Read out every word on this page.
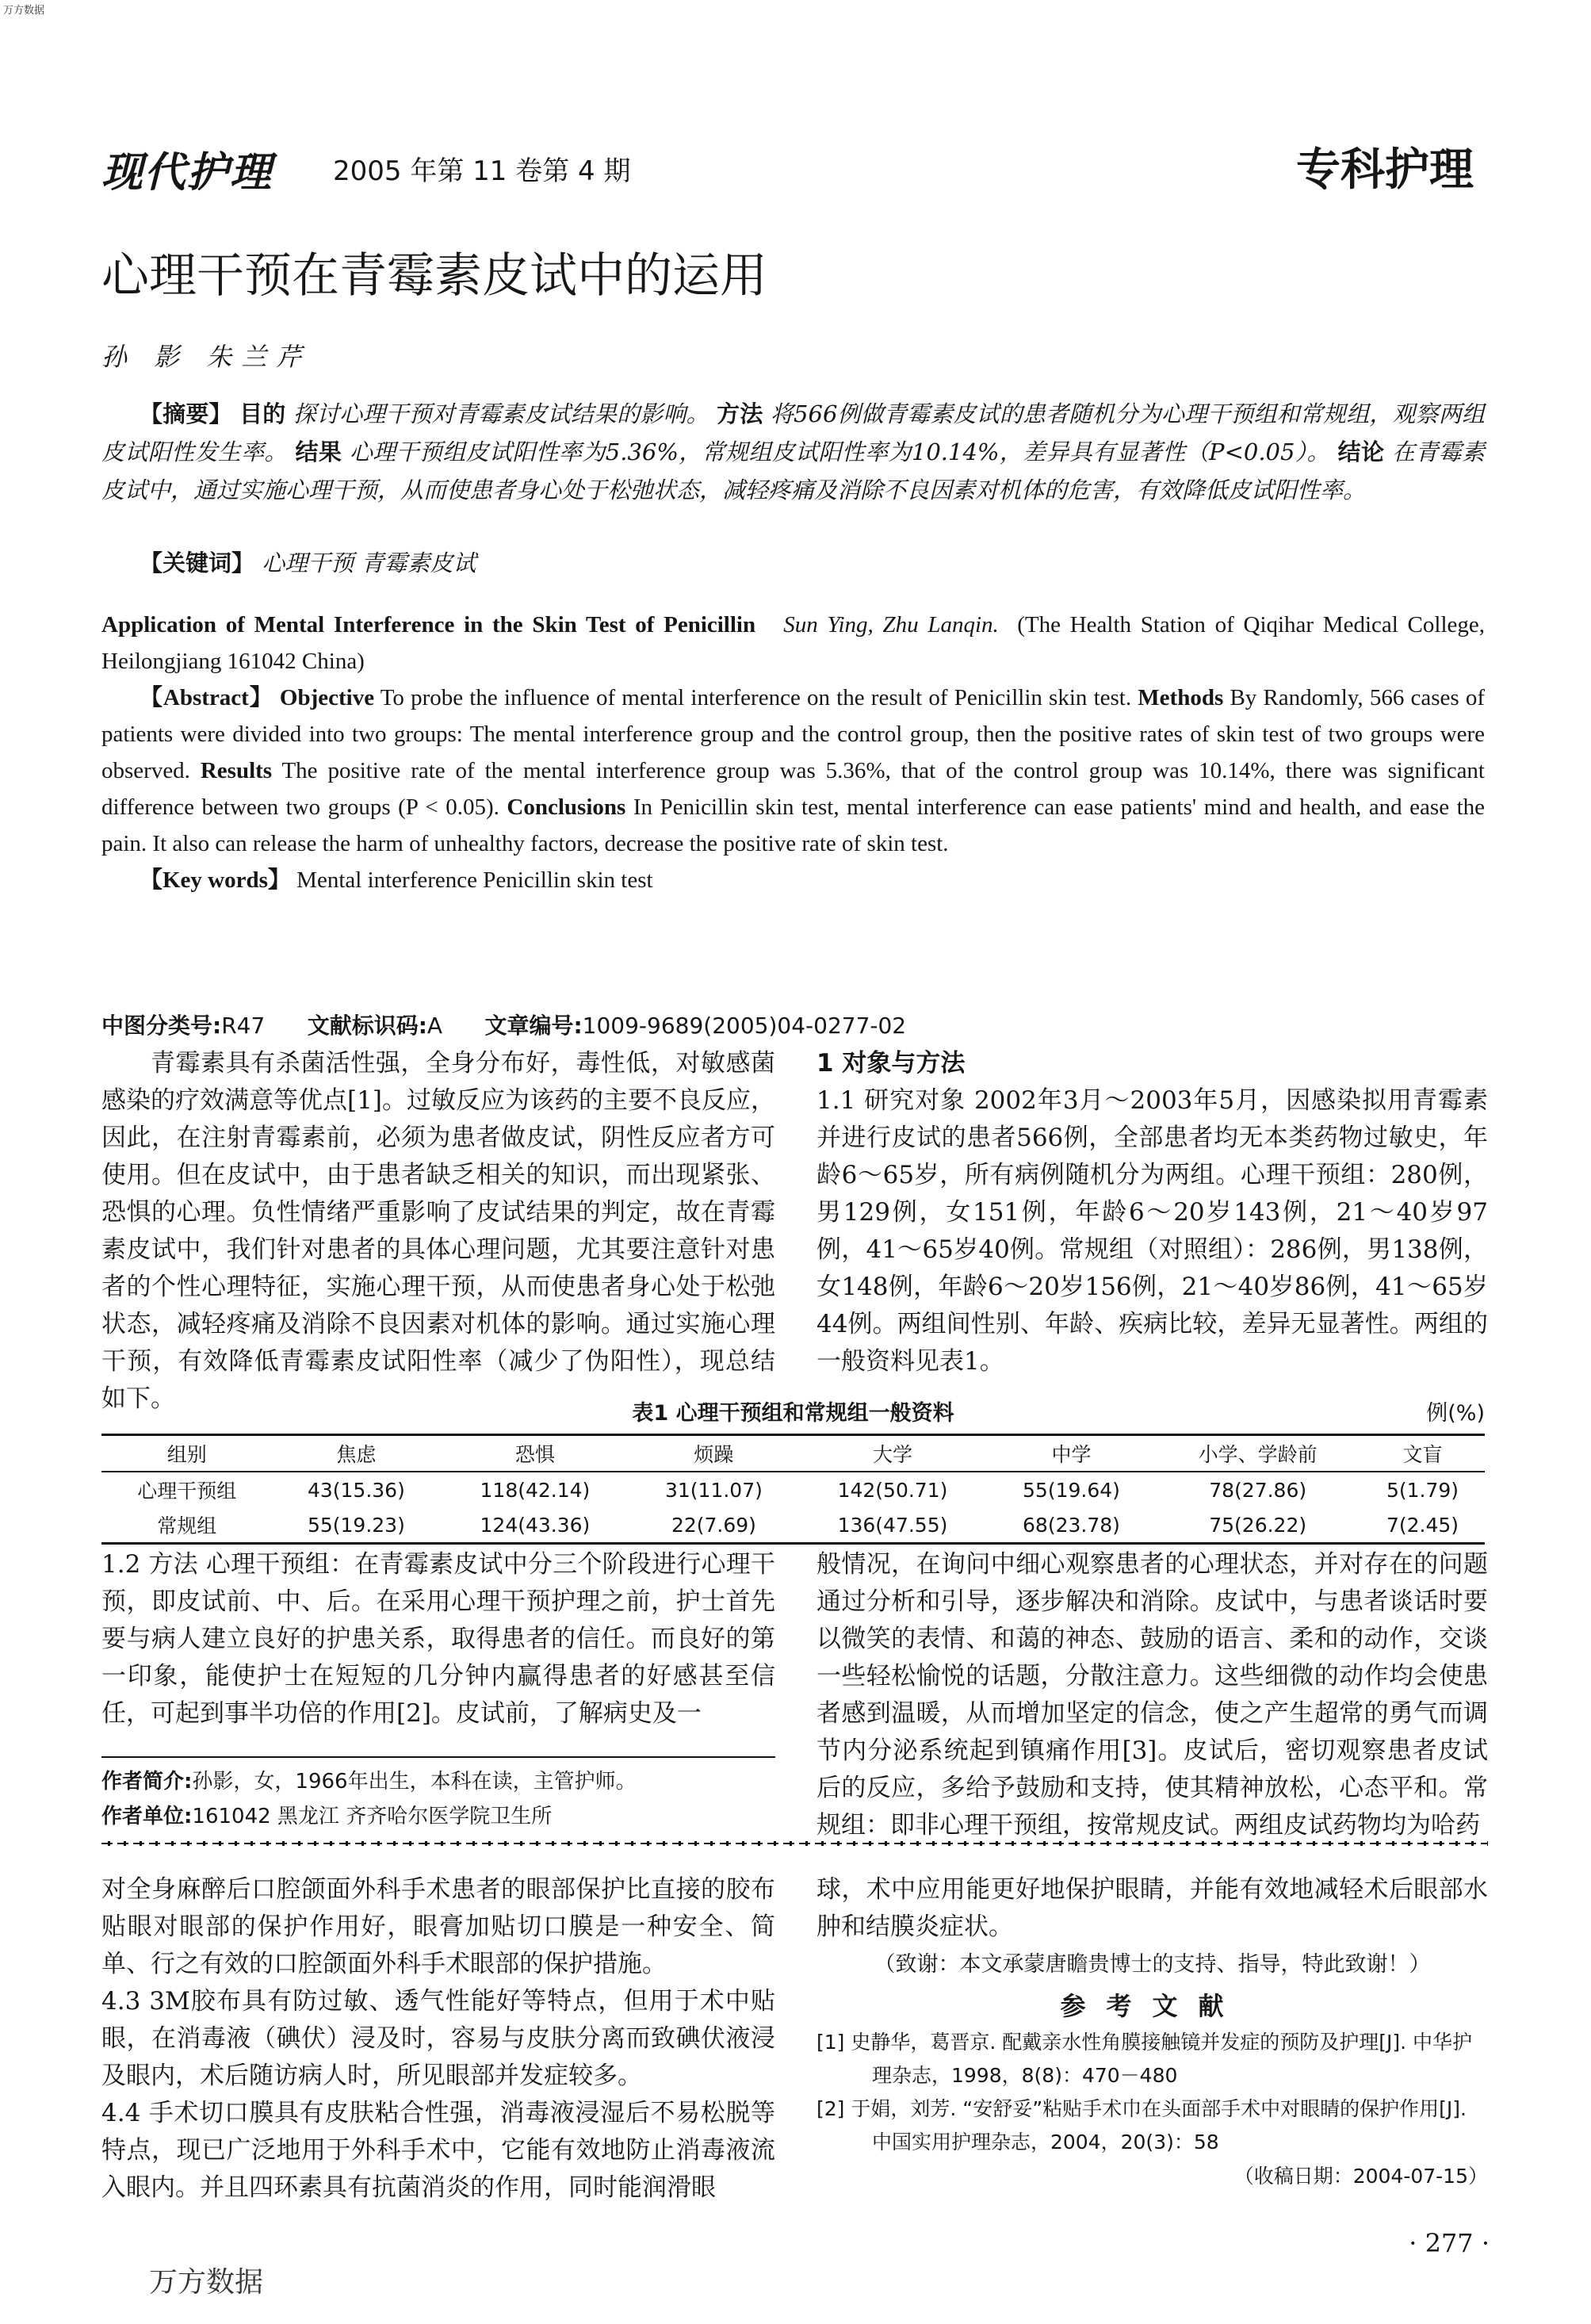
万方数据
现代护理 2005 年第 11 卷第 4 期	专科护理
心理干预在青霉素皮试中的运用
孙 影 朱兰芹
【摘要】 目的 探讨心理干预对青霉素皮试结果的影响。 方法 将566例做青霉素皮试的患者随机分为心理干预组和常规组，观察两组皮试阳性发生率。 结果 心理干预组皮试阳性率为5.36%，常规组皮试阳性率为10.14%，差异具有显著性（P<0.05）。 结论 在青霉素皮试中，通过实施心理干预，从而使患者身心处于松弛状态，减轻疼痛及消除不良因素对机体的危害，有效降低皮试阳性率。
【关键词】 心理干预 青霉素皮试
Application of Mental Interference in the Skin Test of Penicillin Sun Ying, Zhu Lanqin. (The Health Station of Qiqihar Medical College, Heilongjiang 161042 China)
【Abstract】 Objective To probe the influence of mental interference on the result of Penicillin skin test. Methods By Randomly, 566 cases of patients were divided into two groups: The mental interference group and the control group, then the positive rates of skin test of two groups were observed. Results The positive rate of the mental interference group was 5.36%, that of the control group was 10.14%, there was significant difference between two groups (P < 0.05). Conclusions In Penicillin skin test, mental interference can ease patients' mind and health, and ease the pain. It also can release the harm of unhealthy factors, decrease the positive rate of skin test.
【Key words】 Mental interference Penicillin skin test
中图分类号:R47 文献标识码:A 文章编号:1009-9689(2005)04-0277-02
青霉素具有杀菌活性强，全身分布好，毒性低，对敏感菌感染的疗效满意等优点[1]。过敏反应为该药的主要不良反应，因此，在注射青霉素前，必须为患者做皮试，阴性反应者方可使用。但在皮试中，由于患者缺乏相关的知识，而出现紧张、恐惧的心理。负性情绪严重影响了皮试结果的判定，故在青霉素皮试中，我们针对患者的具体心理问题，尤其要注意针对患者的个性心理特征，实施心理干预，从而使患者身心处于松弛状态，减轻疼痛及消除不良因素对机体的影响。通过实施心理干预，有效降低青霉素皮试阳性率（减少了伪阳性），现总结如下。
1 对象与方法
1.1 研究对象 2002年3月～2003年5月，因感染拟用青霉素并进行皮试的患者566例，全部患者均无本类药物过敏史，年龄6～65岁，所有病例随机分为两组。心理干预组：280例，男129例，女151例，年龄6～20岁143例，21～40岁97例，41～65岁40例。常规组（对照组）：286例，男138例，女148例，年龄6～20岁156例，21～40岁86例，41～65岁44例。两组间性别、年龄、疾病比较，差异无显著性。两组的一般资料见表1。
表1 心理干预组和常规组一般资料	例(%)
组别	焦虑	恐惧	烦躁	大学	中学	小学、学龄前	文盲
心理干预组	43(15.36)	118(42.14)	31(11.07)	142(50.71)	55(19.64)	78(27.86)	5(1.79)
常规组	55(19.23)	124(43.36)	22(7.69)	136(47.55)	68(23.78)	75(26.22)	7(2.45)
1.2 方法 心理干预组：在青霉素皮试中分三个阶段进行心理干预，即皮试前、中、后。在采用心理干预护理之前，护士首先要与病人建立良好的护患关系，取得患者的信任。而良好的第一印象，能使护士在短短的几分钟内赢得患者的好感甚至信任，可起到事半功倍的作用[2]。皮试前，了解病史及一
般情况，在询问中细心观察患者的心理状态，并对存在的问题通过分析和引导，逐步解决和消除。皮试中，与患者谈话时要以微笑的表情、和蔼的神态、鼓励的语言、柔和的动作，交谈一些轻松愉悦的话题，分散注意力。这些细微的动作均会使患者感到温暖，从而增加坚定的信念，使之产生超常的勇气而调节内分泌系统起到镇痛作用[3]。皮试后，密切观察患者皮试后的反应，多给予鼓励和支持，使其精神放松，心态平和。常规组：即非心理干预组，按常规皮试。两组皮试药物均为哈药
作者简介:孙影，女，1966年出生，本科在读，主管护师。
作者单位:161042 黑龙江 齐齐哈尔医学院卫生所
对全身麻醉后口腔颌面外科手术患者的眼部保护比直接的胶布贴眼对眼部的保护作用好，眼膏加贴切口膜是一种安全、简单、行之有效的口腔颌面外科手术眼部的保护措施。
4.3 3M胶布具有防过敏、透气性能好等特点，但用于术中贴眼，在消毒液（碘伏）浸及时，容易与皮肤分离而致碘伏液浸及眼内，术后随访病人时，所见眼部并发症较多。
4.4 手术切口膜具有皮肤粘合性强，消毒液浸湿后不易松脱等特点，现已广泛地用于外科手术中，它能有效地防止消毒液流入眼内。并且四环素具有抗菌消炎的作用，同时能润滑眼
球，术中应用能更好地保护眼睛，并能有效地减轻术后眼部水肿和结膜炎症状。
（致谢：本文承蒙唐瞻贵博士的支持、指导，特此致谢！）
参考文献
[1] 史静华，葛晋京. 配戴亲水性角膜接触镜并发症的预防及护理[J]. 中华护理杂志，1998，8(8)：470－480
[2] 于娟，刘芳. “安舒妥”粘贴手术巾在头面部手术中对眼睛的保护作用[J]. 中国实用护理杂志，2004，20(3)：58
（收稿日期：2004-07-15）
· 277 ·
万方数据
